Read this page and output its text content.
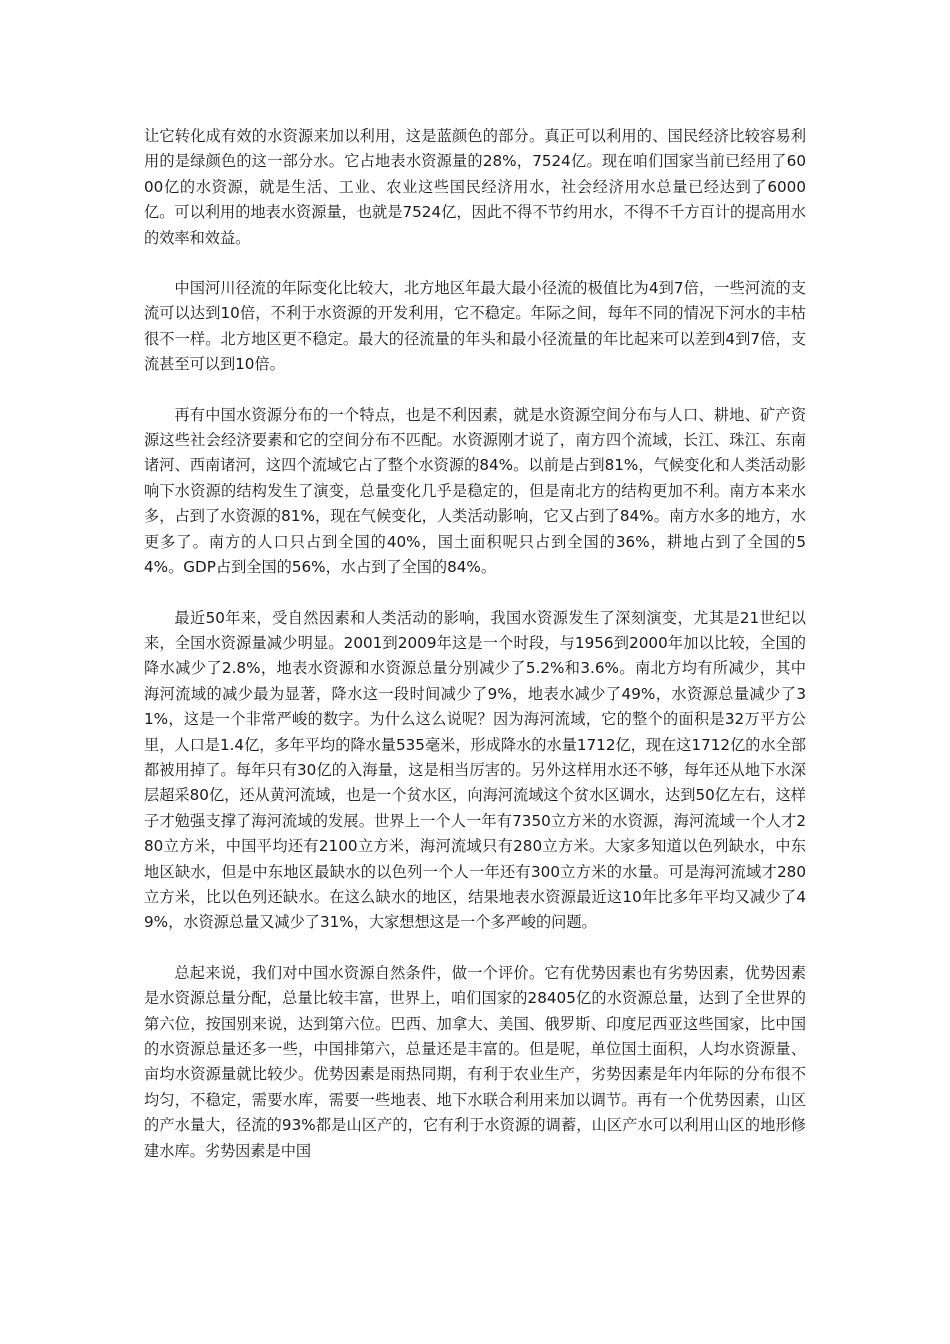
让它转化成有效的水资源来加以利用，这是蓝颜色的部分。真正可以利用的、国民经济比较容易利用的是绿颜色的这一部分水。它占地表水资源量的28%，7524亿。现在咱们国家当前已经用了6000亿的水资源，就是生活、工业、农业这些国民经济用水，社会经济用水总量已经达到了6000亿。可以利用的地表水资源量，也就是7524亿，因此不得不节约用水，不得不千方百计的提高用水的效率和效益。

中国河川径流的年际变化比较大，北方地区年最大最小径流的极值比为4到7倍，一些河流的支流可以达到10倍，不利于水资源的开发利用，它不稳定。年际之间，每年不同的情况下河水的丰枯很不一样。北方地区更不稳定。最大的径流量的年头和最小径流量的年比起来可以差到4到7倍，支流甚至可以到10倍。

再有中国水资源分布的一个特点，也是不利因素，就是水资源空间分布与人口、耕地、矿产资源这些社会经济要素和它的空间分布不匹配。水资源刚才说了，南方四个流域，长江、珠江、东南诸河、西南诸河，这四个流域它占了整个水资源的84%。以前是占到81%，气候变化和人类活动影响下水资源的结构发生了演变，总量变化几乎是稳定的，但是南北方的结构更加不利。南方本来水多，占到了水资源的81%，现在气候变化，人类活动影响，它又占到了84%。南方水多的地方，水更多了。南方的人口只占到全国的40%，国土面积呢只占到全国的36%，耕地占到了全国的54%。GDP占到全国的56%，水占到了全国的84%。

最近50年来，受自然因素和人类活动的影响，我国水资源发生了深刻演变，尤其是21世纪以来，全国水资源量减少明显。2001到2009年这是一个时段，与1956到2000年加以比较，全国的降水减少了2.8%，地表水资源和水资源总量分别减少了5.2%和3.6%。南北方均有所减少，其中海河流域的减少最为显著，降水这一段时间减少了9%，地表水减少了49%，水资源总量减少了31%，这是一个非常严峻的数字。为什么这么说呢？因为海河流域，它的整个的面积是32万平方公里，人口是1.4亿，多年平均的降水量535毫米，形成降水的水量1712亿，现在这1712亿的水全部都被用掉了。每年只有30亿的入海量，这是相当厉害的。另外这样用水还不够，每年还从地下水深层超采80亿，还从黄河流域，也是一个贫水区，向海河流域这个贫水区调水，达到50亿左右，这样子才勉强支撑了海河流域的发展。世界上一个人一年有7350立方米的水资源，海河流域一个人才280立方米，中国平均还有2100立方米，海河流域只有280立方米。大家多知道以色列缺水，中东地区缺水，但是中东地区最缺水的以色列一个人一年还有300立方米的水量。可是海河流域才280立方米，比以色列还缺水。在这么缺水的地区，结果地表水资源最近这10年比多年平均又减少了49%，水资源总量又减少了31%，大家想想这是一个多严峻的问题。

总起来说，我们对中国水资源自然条件，做一个评价。它有优势因素也有劣势因素，优势因素是水资源总量分配，总量比较丰富，世界上，咱们国家的28405亿的水资源总量，达到了全世界的第六位，按国别来说，达到第六位。巴西、加拿大、美国、俄罗斯、印度尼西亚这些国家，比中国的水资源总量还多一些，中国排第六，总量还是丰富的。但是呢，单位国土面积，人均水资源量、亩均水资源量就比较少。优势因素是雨热同期，有利于农业生产，劣势因素是年内年际的分布很不均匀，不稳定，需要水库，需要一些地表、地下水联合利用来加以调节。再有一个优势因素，山区的产水量大，径流的93%都是山区产的，它有利于水资源的调蓄，山区产水可以利用山区的地形修建水库。劣势因素是中国
